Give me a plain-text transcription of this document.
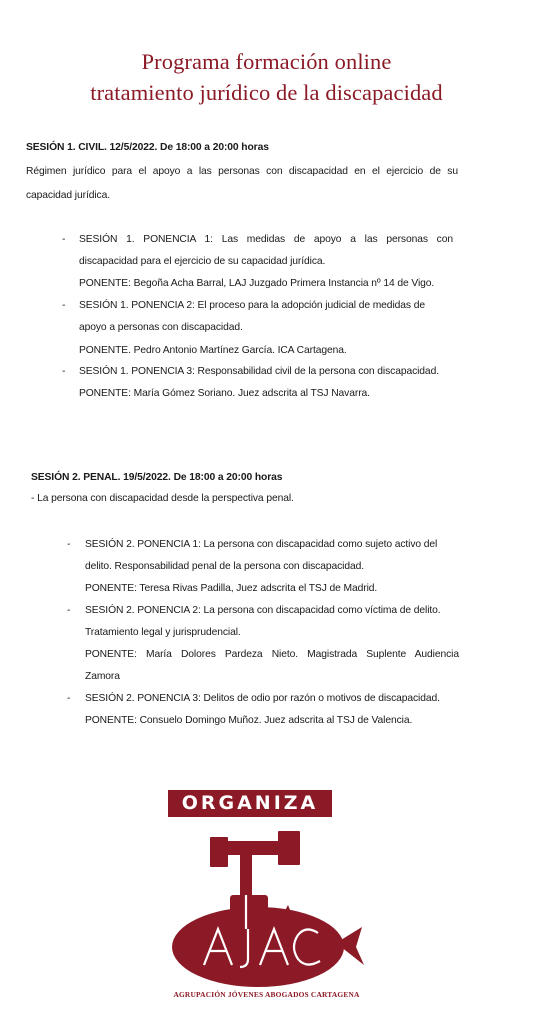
Programa formación online
tratamiento jurídico de la discapacidad
SESIÓN 1. CIVIL. 12/5/2022. De 18:00 a 20:00 horas
Régimen jurídico para el apoyo a las personas con discapacidad en el ejercicio de su
capacidad jurídica.
- SESIÓN 1. PONENCIA 1: Las medidas de apoyo a las personas con
discapacidad para el ejercicio de su capacidad jurídica.
PONENTE: Begoña Acha Barral, LAJ Juzgado Primera Instancia nº 14 de Vigo.
- SESIÓN 1. PONENCIA 2: El proceso para la adopción judicial de medidas de
apoyo a personas con discapacidad.
PONENTE. Pedro Antonio Martínez García. ICA Cartagena.
- SESIÓN 1. PONENCIA 3: Responsabilidad civil de la persona con discapacidad.
PONENTE: María Gómez Soriano. Juez adscrita al TSJ Navarra.
SESIÓN 2. PENAL. 19/5/2022. De 18:00 a 20:00 horas
- La persona con discapacidad desde la perspectiva penal.
- SESIÓN 2. PONENCIA 1: La persona con discapacidad como sujeto activo del
delito. Responsabilidad penal de la persona con discapacidad.
PONENTE: Teresa Rivas Padilla, Juez adscrita el TSJ de Madrid.
- SESIÓN 2. PONENCIA 2: La persona con discapacidad como víctima de delito.
Tratamiento legal y jurisprudencial.
PONENTE: María Dolores Pardeza Nieto. Magistrada Suplente Audiencia
Zamora
- SESIÓN 2. PONENCIA 3: Delitos de odio por razón o motivos de discapacidad.
PONENTE: Consuelo Domingo Muñoz. Juez adscrita al TSJ de Valencia.
ORGANIZA
AGRUPACIÓN JÓVENES ABOGADOS CARTAGENA
